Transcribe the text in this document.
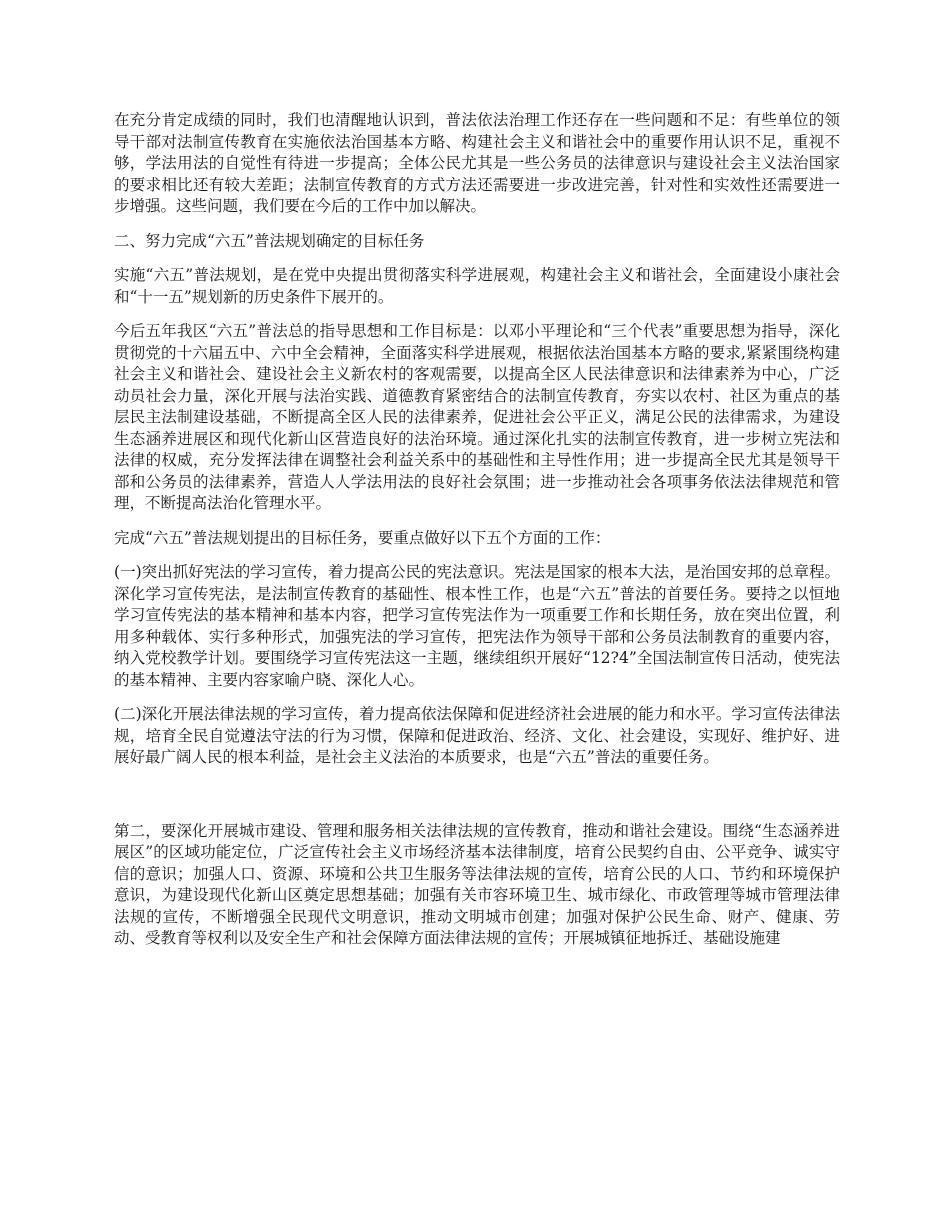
在充分肯定成绩的同时，我们也清醒地认识到，普法依法治理工作还存在一些问题和不足：有些单位的领导干部对法制宣传教育在实施依法治国基本方略、构建社会主义和谐社会中的重要作用认识不足，重视不够，学法用法的自觉性有待进一步提高；全体公民尤其是一些公务员的法律意识与建设社会主义法治国家的要求相比还有较大差距；法制宣传教育的方式方法还需要进一步改进完善，针对性和实效性还需要进一步增强。这些问题，我们要在今后的工作中加以解决。

二、努力完成“六五”普法规划确定的目标任务

实施“六五”普法规划，是在党中央提出贯彻落实科学进展观，构建社会主义和谐社会，全面建设小康社会和“十一五”规划新的历史条件下展开的。

今后五年我区“六五”普法总的指导思想和工作目标是：以邓小平理论和“三个代表”重要思想为指导，深化贯彻党的十六届五中、六中全会精神，全面落实科学进展观，根据依法治国基本方略的要求,紧紧围绕构建社会主义和谐社会、建设社会主义新农村的客观需要，以提高全区人民法律意识和法律素养为中心，广泛动员社会力量，深化开展与法治实践、道德教育紧密结合的法制宣传教育，夯实以农村、社区为重点的基层民主法制建设基础，不断提高全区人民的法律素养，促进社会公平正义，满足公民的法律需求，为建设生态涵养进展区和现代化新山区营造良好的法治环境。通过深化扎实的法制宣传教育，进一步树立宪法和法律的权威，充分发挥法律在调整社会利益关系中的基础性和主导性作用；进一步提高全民尤其是领导干部和公务员的法律素养，营造人人学法用法的良好社会氛围；进一步推动社会各项事务依法法律规范和管理，不断提高法治化管理水平。

完成“六五”普法规划提出的目标任务，要重点做好以下五个方面的工作：

(一)突出抓好宪法的学习宣传，着力提高公民的宪法意识。宪法是国家的根本大法，是治国安邦的总章程。深化学习宣传宪法，是法制宣传教育的基础性、根本性工作，也是“六五”普法的首要任务。要持之以恒地学习宣传宪法的基本精神和基本内容，把学习宣传宪法作为一项重要工作和长期任务，放在突出位置，利用多种载体、实行多种形式，加强宪法的学习宣传，把宪法作为领导干部和公务员法制教育的重要内容，纳入党校教学计划。要围绕学习宣传宪法这一主题，继续组织开展好“12?4”全国法制宣传日活动，使宪法的基本精神、主要内容家喻户晓、深化人心。

(二)深化开展法律法规的学习宣传，着力提高依法保障和促进经济社会进展的能力和水平。学习宣传法律法规，培育全民自觉遵法守法的行为习惯，保障和促进政治、经济、文化、社会建设，实现好、维护好、进展好最广阔人民的根本利益，是社会主义法治的本质要求，也是“六五”普法的重要任务。

第二，要深化开展城市建设、管理和服务相关法律法规的宣传教育，推动和谐社会建设。围绕“生态涵养进展区”的区域功能定位，广泛宣传社会主义市场经济基本法律制度，培育公民契约自由、公平竞争、诚实守信的意识；加强人口、资源、环境和公共卫生服务等法律法规的宣传，培育公民的人口、节约和环境保护意识，为建设现代化新山区奠定思想基础；加强有关市容环境卫生、城市绿化、市政管理等城市管理法律法规的宣传，不断增强全民现代文明意识，推动文明城市创建；加强对保护公民生命、财产、健康、劳动、受教育等权利以及安全生产和社会保障方面法律法规的宣传；开展城镇征地拆迁、基础设施建
